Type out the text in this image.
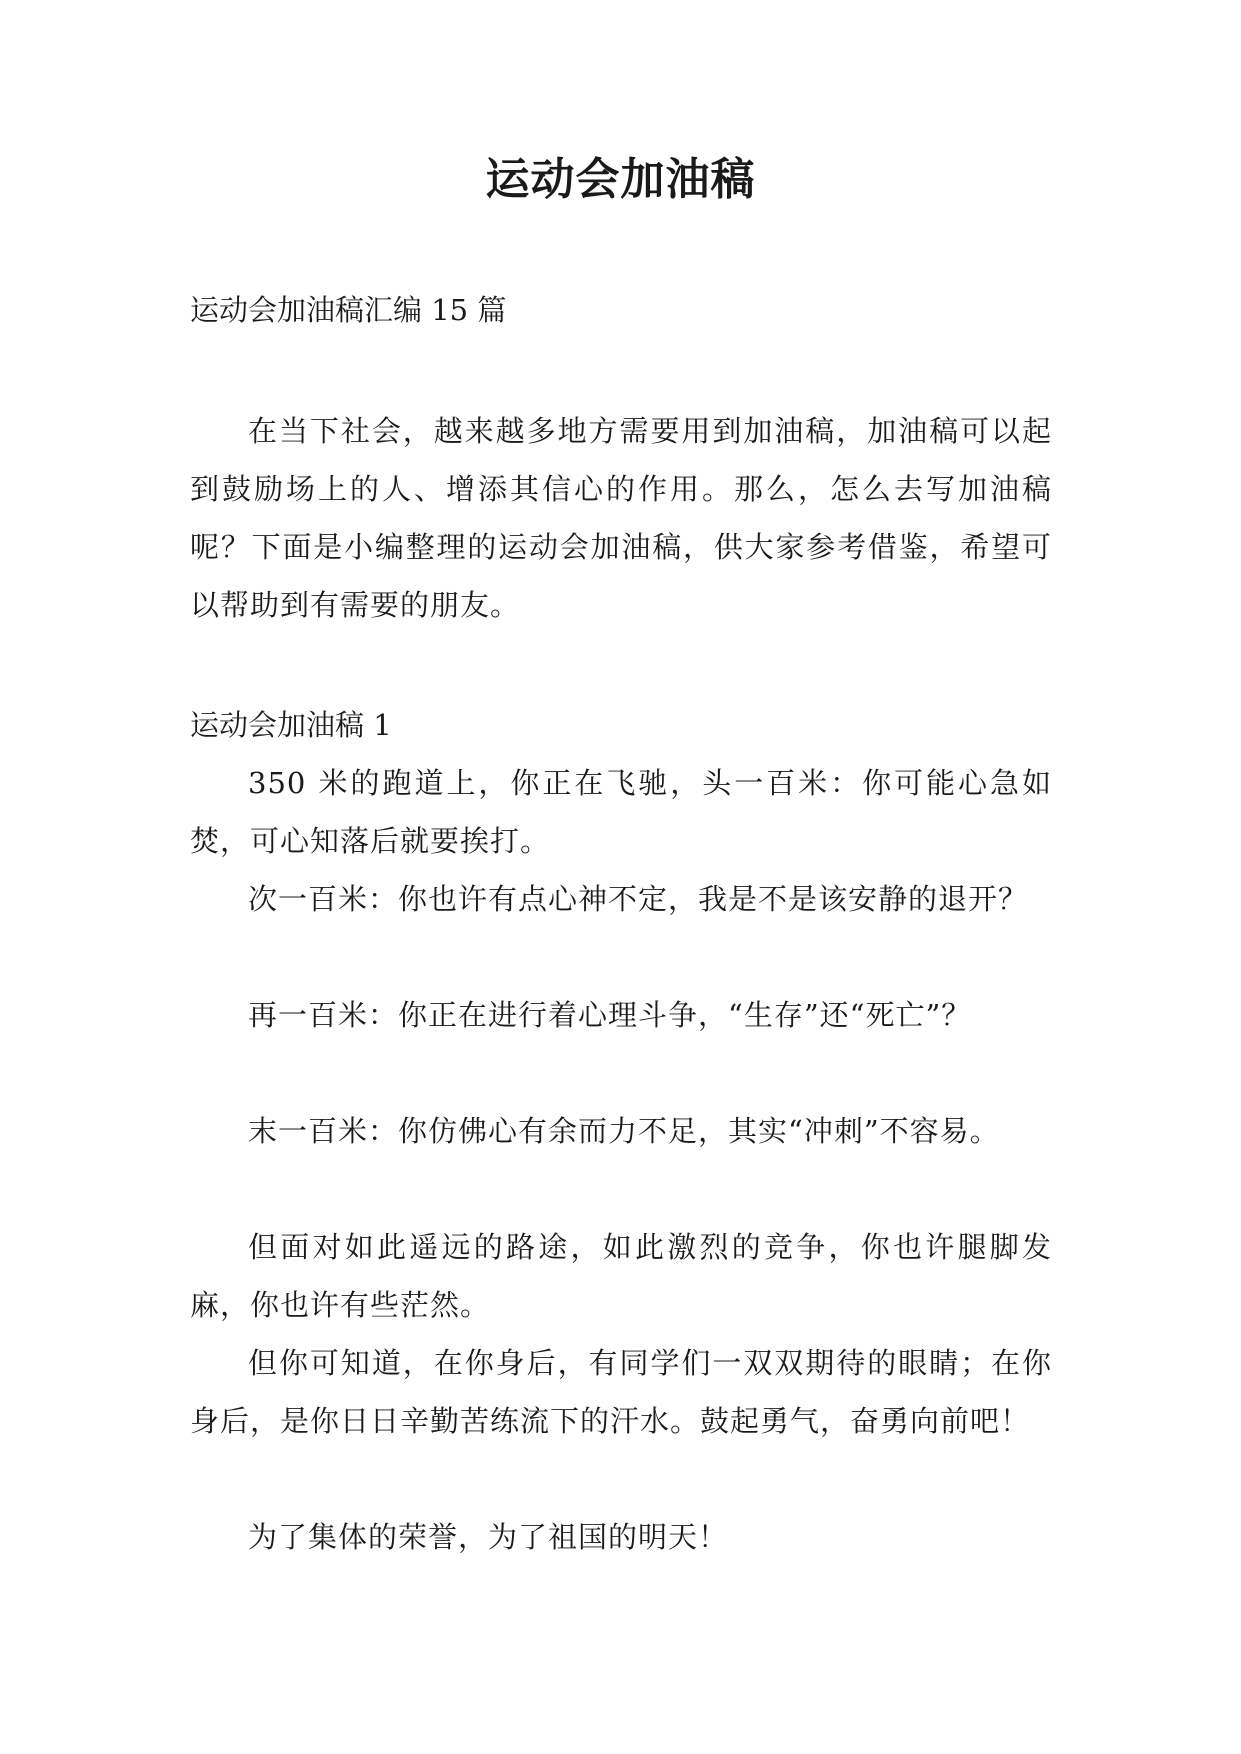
运动会加油稿

运动会加油稿汇编 15 篇

在当下社会，越来越多地方需要用到加油稿，加油稿可以起到鼓励场上的人、增添其信心的作用。那么，怎么去写加油稿呢？下面是小编整理的运动会加油稿，供大家参考借鉴，希望可以帮助到有需要的朋友。

运动会加油稿 1

350 米的跑道上，你正在飞驰，头一百米：你可能心急如焚，可心知落后就要挨打。

次一百米：你也许有点心神不定，我是不是该安静的退开？

再一百米：你正在进行着心理斗争，“生存”还“死亡”？

末一百米：你仿佛心有余而力不足，其实“冲刺”不容易。

但面对如此遥远的路途，如此激烈的竞争，你也许腿脚发麻，你也许有些茫然。

但你可知道，在你身后，有同学们一双双期待的眼睛；在你身后，是你日日辛勤苦练流下的汗水。鼓起勇气，奋勇向前吧！

为了集体的荣誉，为了祖国的明天！
